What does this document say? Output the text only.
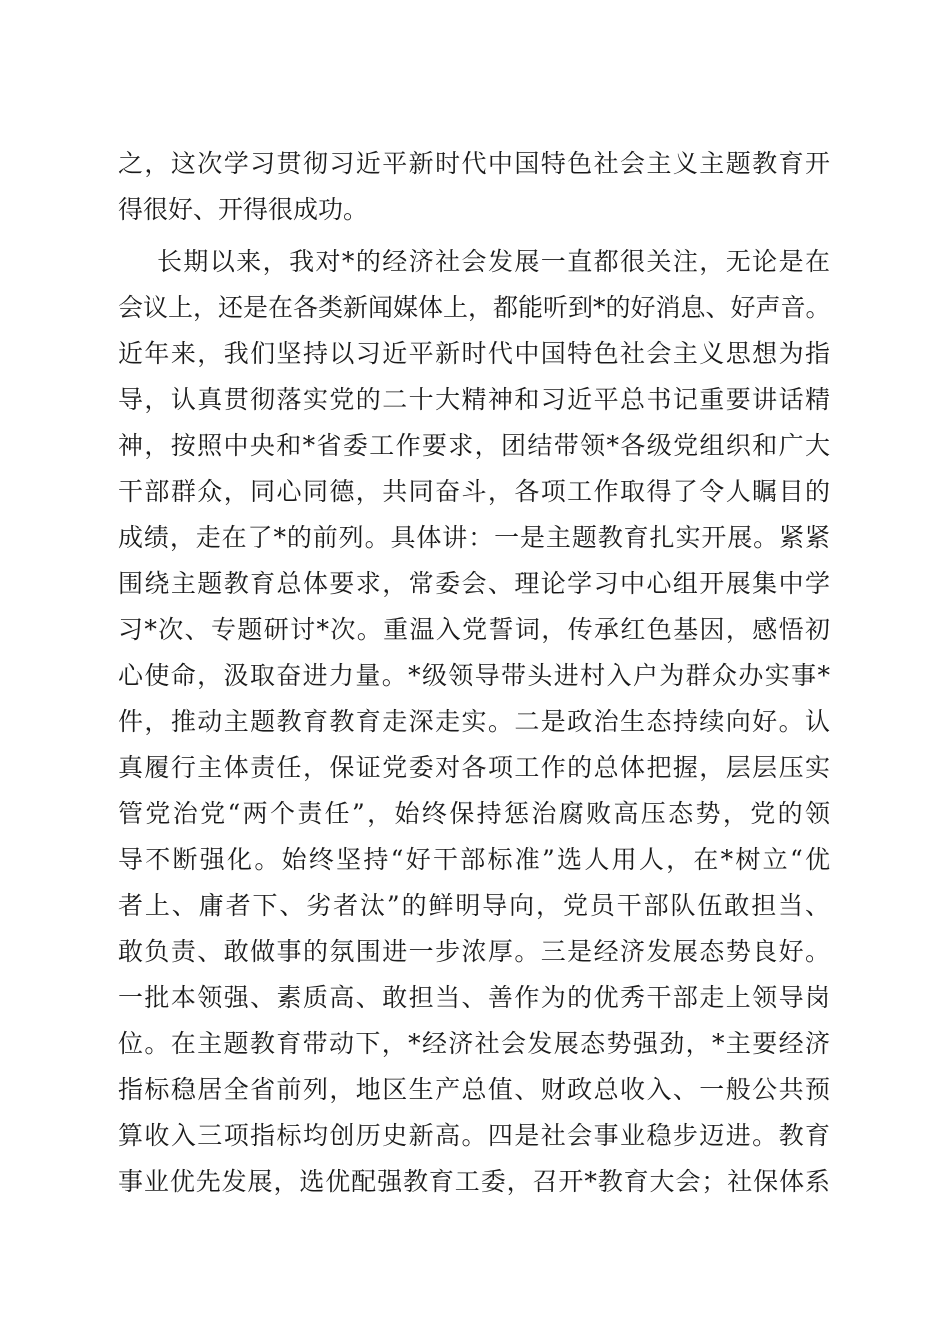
之，这次学习贯彻习近平新时代中国特色社会主义主题教育开
得很好、开得很成功。
长期以来，我对*的经济社会发展一直都很关注，无论是在
会议上，还是在各类新闻媒体上，都能听到*的好消息、好声音。
近年来，我们坚持以习近平新时代中国特色社会主义思想为指
导，认真贯彻落实党的二十大精神和习近平总书记重要讲话精
神，按照中央和*省委工作要求，团结带领*各级党组织和广大
干部群众，同心同德，共同奋斗，各项工作取得了令人瞩目的
成绩，走在了*的前列。具体讲：一是主题教育扎实开展。紧紧
围绕主题教育总体要求，常委会、理论学习中心组开展集中学
习*次、专题研讨*次。重温入党誓词，传承红色基因，感悟初
心使命，汲取奋进力量。*级领导带头进村入户为群众办实事*
件，推动主题教育教育走深走实。二是政治生态持续向好。认
真履行主体责任，保证党委对各项工作的总体把握，层层压实
管党治党“两个责任”，始终保持惩治腐败高压态势，党的领
导不断强化。始终坚持“好干部标准”选人用人，在*树立“优
者上、庸者下、劣者汰”的鲜明导向，党员干部队伍敢担当、
敢负责、敢做事的氛围进一步浓厚。三是经济发展态势良好。
一批本领强、素质高、敢担当、善作为的优秀干部走上领导岗
位。在主题教育带动下，*经济社会发展态势强劲，*主要经济
指标稳居全省前列，地区生产总值、财政总收入、一般公共预
算收入三项指标均创历史新高。四是社会事业稳步迈进。教育
事业优先发展，选优配强教育工委，召开*教育大会；社保体系
